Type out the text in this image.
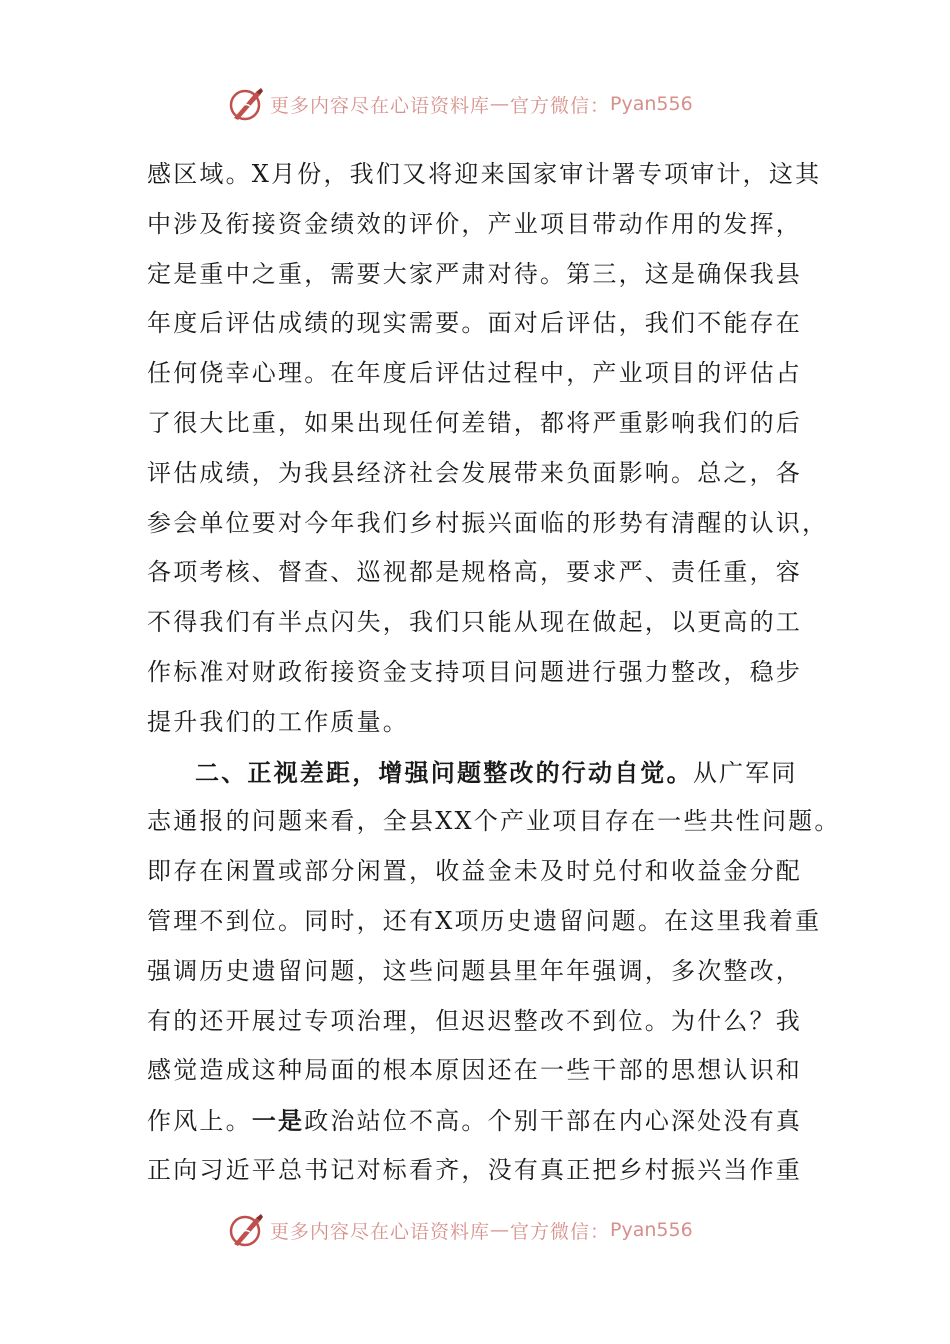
更多内容尽在心语资料库 — 官方微信： Pyan556
感区域。X月份，我们又将迎来国家审计署专项审计，这其
中涉及衔接资金绩效的评价，产业项目带动作用的发挥，
定是重中之重，需要大家严肃对待。第三，这是确保我县
年度后评估成绩的现实需要。面对后评估，我们不能存在
任何侥幸心理。在年度后评估过程中，产业项目的评估占
了很大比重，如果出现任何差错，都将严重影响我们的后
评估成绩，为我县经济社会发展带来负面影响。总之，各
参会单位要对今年我们乡村振兴面临的形势有清醒的认识，
各项考核、督查、巡视都是规格高，要求严、责任重，容
不得我们有半点闪失，我们只能从现在做起，以更高的工
作标准对财政衔接资金支持项目问题进行强力整改，稳步
提升我们的工作质量。
二、正视差距，增强问题整改的行动自觉。从广军同
志通报的问题来看，全县XX个产业项目存在一些共性问题。
即存在闲置或部分闲置，收益金未及时兑付和收益金分配
管理不到位。同时，还有X项历史遗留问题。在这里我着重
强调历史遗留问题，这些问题县里年年强调，多次整改，
有的还开展过专项治理，但迟迟整改不到位。为什么？我
感觉造成这种局面的根本原因还在一些干部的思想认识和
作风上。一是政治站位不高。个别干部在内心深处没有真
正向习近平总书记对标看齐，没有真正把乡村振兴当作重
更多内容尽在心语资料库 — 官方微信： Pyan556
